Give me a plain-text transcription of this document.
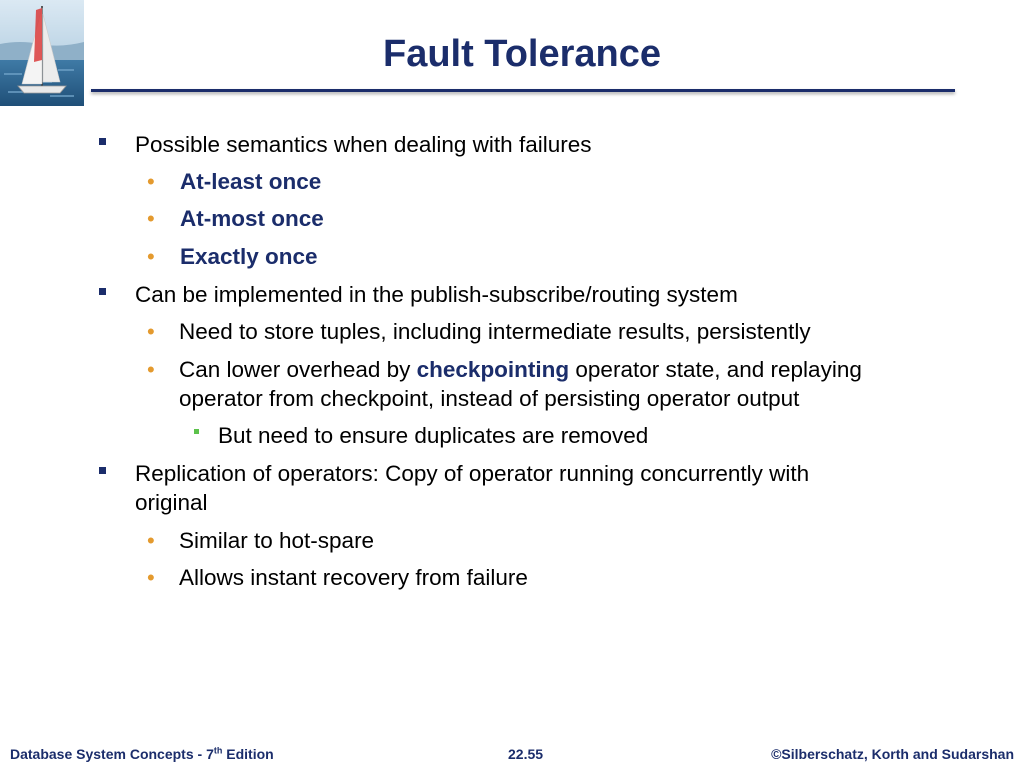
Fault Tolerance
Possible semantics when dealing with failures
• At-least once
• At-most once
• Exactly once
Can be implemented in the publish-subscribe/routing system
• Need to store tuples, including intermediate results, persistently
• Can lower overhead by checkpointing operator state, and replaying
operator from checkpoint, instead of persisting operator output
But need to ensure duplicates are removed
Replication of operators: Copy of operator running concurrently with
original
• Similar to hot-spare
• Allows instant recovery from failure
Database System Concepts - 7th Edition	22.55	©Silberschatz, Korth and Sudarshan
